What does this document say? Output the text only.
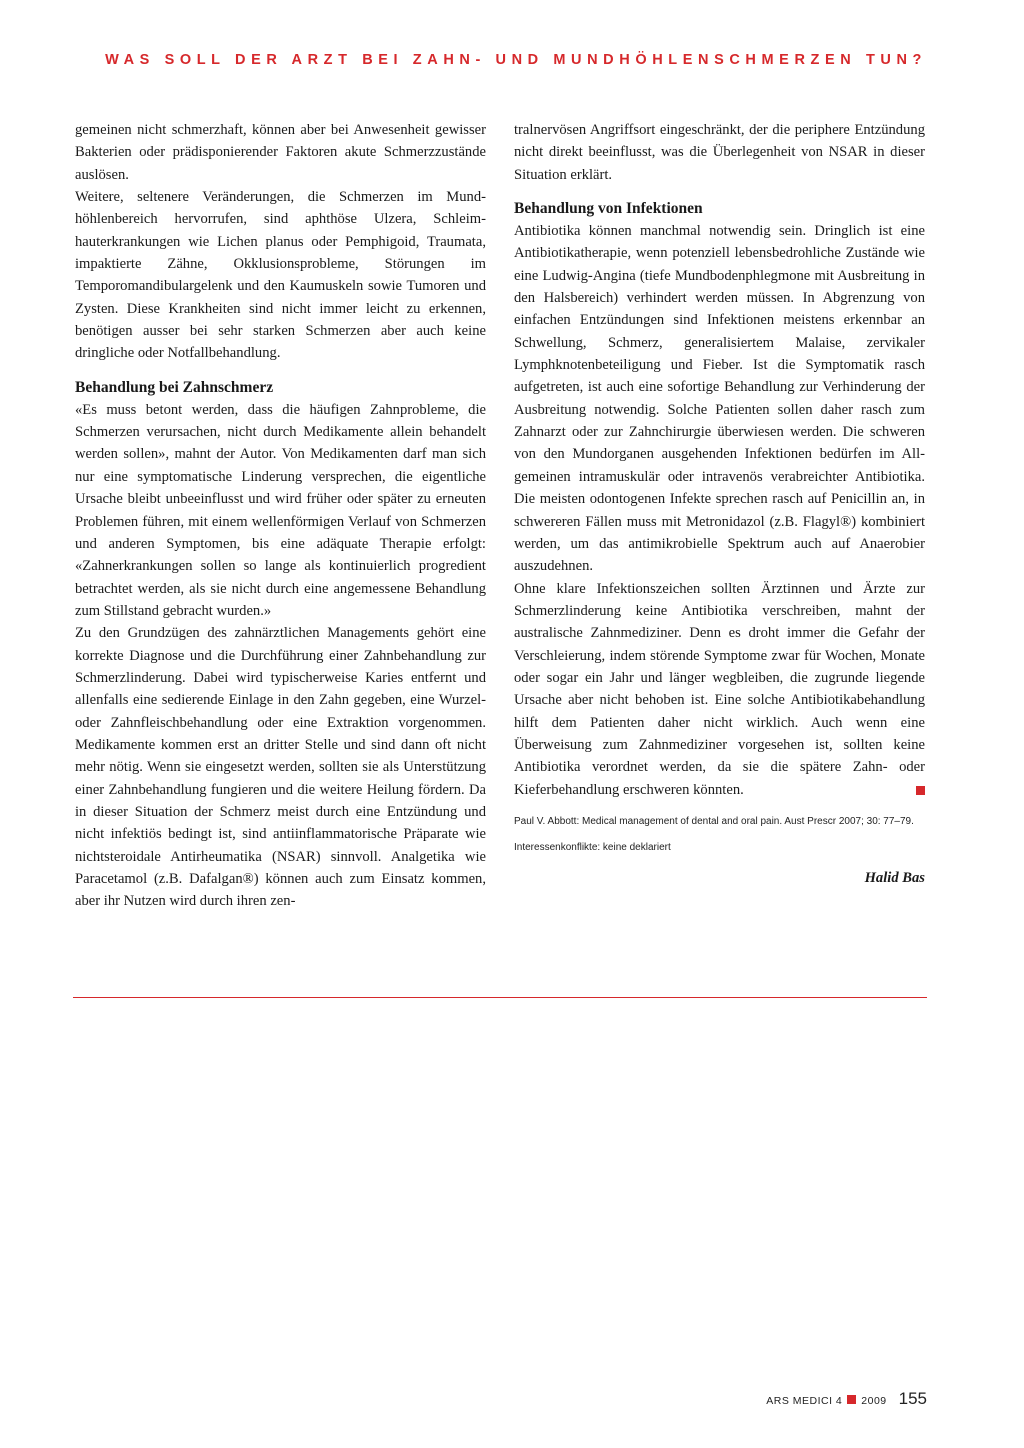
WAS SOLL DER ARZT BEI ZAHN- UND MUNDHÖHLENSCHMERZEN TUN?

gemeinen nicht schmerzhaft, können aber bei Anwesenheit gewisser Bakterien oder prädisponierender Faktoren akute Schmerzzustände auslösen.

Weitere, seltenere Veränderungen, die Schmerzen im Mundhöhlenbereich hervorrufen, sind aphthöse Ulzera, Schleimhauterkrankungen wie Lichen planus oder Pemphigoid, Traumata, impaktierte Zähne, Okklusionsprobleme, Störungen im Temporomandibulargelenk und den Kaumuskeln sowie Tumoren und Zysten. Diese Krankheiten sind nicht immer leicht zu erkennen, benötigen ausser bei sehr starken Schmerzen aber auch keine dringliche oder Notfallbehandlung.

Behandlung bei Zahnschmerz

«Es muss betont werden, dass die häufigen Zahnprobleme, die Schmerzen verursachen, nicht durch Medikamente allein behandelt werden sollen», mahnt der Autor. Von Medikamenten darf man sich nur eine symptomatische Linderung versprechen, die eigentliche Ursache bleibt unbeeinflusst und wird früher oder später zu erneuten Problemen führen, mit einem wellenförmigen Verlauf von Schmerzen und anderen Symptomen, bis eine adäquate Therapie erfolgt: «Zahnerkrankungen sollen so lange als kontinuierlich progredient betrachtet werden, als sie nicht durch eine angemessene Behandlung zum Stillstand gebracht wurden.»

Zu den Grundzügen des zahnärztlichen Managements gehört eine korrekte Diagnose und die Durchführung einer Zahnbehandlung zur Schmerzlinderung. Dabei wird typischerweise Karies entfernt und allenfalls eine sedierende Einlage in den Zahn gegeben, eine Wurzel- oder Zahnfleischbehandlung oder eine Extraktion vorgenommen. Medikamente kommen erst an dritter Stelle und sind dann oft nicht mehr nötig. Wenn sie eingesetzt werden, sollten sie als Unterstützung einer Zahnbehandlung fungieren und die weitere Heilung fördern. Da in dieser Situation der Schmerz meist durch eine Entzündung und nicht infektiös bedingt ist, sind antiinflammatorische Präparate wie nichtsteroidale Antirheumatika (NSAR) sinnvoll. Analgetika wie Paracetamol (z.B. Dafalgan®) können auch zum Einsatz kommen, aber ihr Nutzen wird durch ihren zen-

tralnervösen Angriffsort eingeschränkt, der die periphere Entzündung nicht direkt beeinflusst, was die Überlegenheit von NSAR in dieser Situation erklärt.

Behandlung von Infektionen

Antibiotika können manchmal notwendig sein. Dringlich ist eine Antibiotikatherapie, wenn potenziell lebensbedrohliche Zustände wie eine Ludwig-Angina (tiefe Mundbodenphlegmone mit Ausbreitung in den Halsbereich) verhindert werden müssen. In Abgrenzung von einfachen Entzündungen sind Infektionen meistens erkennbar an Schwellung, Schmerz, generalisiertem Malaise, zervikaler Lymphknotenbeteiligung und Fieber. Ist die Symptomatik rasch aufgetreten, ist auch eine sofortige Behandlung zur Verhinderung der Ausbreitung notwendig. Solche Patienten sollen daher rasch zum Zahnarzt oder zur Zahnchirurgie überwiesen werden. Die schweren von den Mundorganen ausgehenden Infektionen bedürfen im Allgemeinen intramuskulär oder intravenös verabreichter Antibiotika. Die meisten odontogenen Infekte sprechen rasch auf Penicillin an, in schwereren Fällen muss mit Metronidazol (z.B. Flagyl®) kombiniert werden, um das antimikrobielle Spektrum auch auf Anaerobier auszudehnen.

Ohne klare Infektionszeichen sollten Ärztinnen und Ärzte zur Schmerzlinderung keine Antibiotika verschreiben, mahnt der australische Zahnmediziner. Denn es droht immer die Gefahr der Verschleierung, indem störende Symptome zwar für Wochen, Monate oder sogar ein Jahr und länger wegbleiben, die zugrunde liegende Ursache aber nicht behoben ist. Eine solche Antibiotikabehandlung hilft dem Patienten daher nicht wirklich. Auch wenn eine Überweisung zum Zahnmediziner vorgesehen ist, sollten keine Antibiotika verordnet werden, da sie die spätere Zahn- oder Kieferbehandlung erschweren könnten.

Paul V. Abbott: Medical management of dental and oral pain. Aust Prescr 2007; 30: 77–79.

Interessenkonflikte: keine deklariert

Halid Bas

ARS MEDICI 4 2009 155
